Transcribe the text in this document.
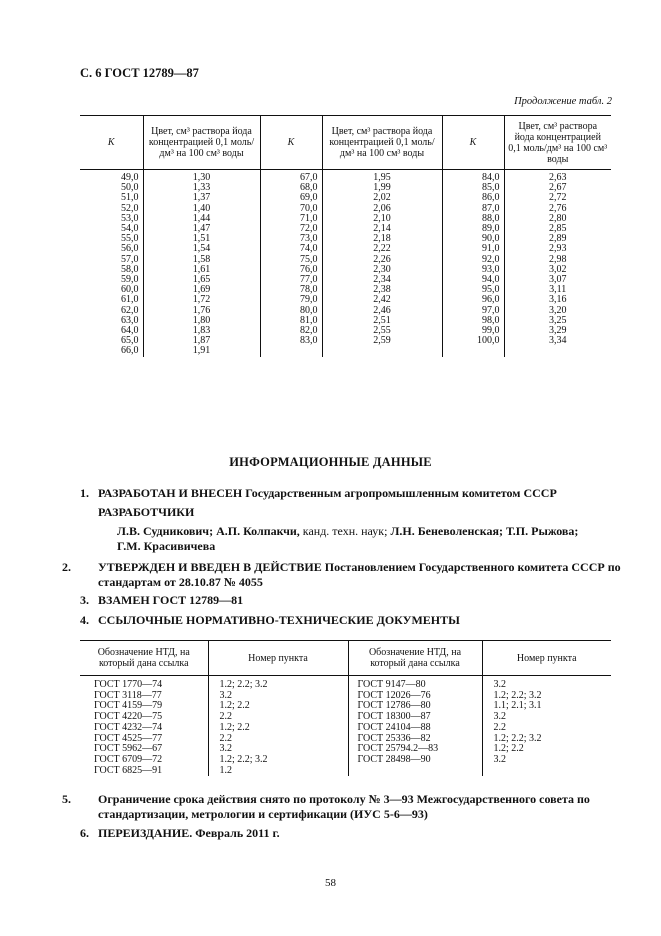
С. 6 ГОСТ 12789—87
Продолжение табл. 2
К	Цвет, см³ раствора йода концентрацией 0,1 моль/дм³ на 100 см³ воды	К	Цвет, см³ раствора йода концентрацией 0,1 моль/дм³ на 100 см³ воды	К	Цвет, см³ раствора йода концентрацией 0,1 моль/дм³ на 100 см³ воды
49,0	1,30	67,0	1,95	84,0	2,63
50,0	1,33	68,0	1,99	85,0	2,67
51,0	1,37	69,0	2,02	86,0	2,72
52,0	1,40	70,0	2,06	87,0	2,76
53,0	1,44	71,0	2,10	88,0	2,80
54,0	1,47	72,0	2,14	89,0	2,85
55,0	1,51	73,0	2,18	90,0	2,89
56,0	1,54	74,0	2,22	91,0	2,93
57,0	1,58	75,0	2,26	92,0	2,98
58,0	1,61	76,0	2,30	93,0	3,02
59,0	1,65	77,0	2,34	94,0	3,07
60,0	1,69	78,0	2,38	95,0	3,11
61,0	1,72	79,0	2,42	96,0	3,16
62,0	1,76	80,0	2,46	97,0	3,20
63,0	1,80	81,0	2,51	98,0	3,25
64,0	1,83	82,0	2,55	99,0	3,29
65,0	1,87	83,0	2,59	100,0	3,34
66,0	1,91				
ИНФОРМАЦИОННЫЕ ДАННЫЕ
1. РАЗРАБОТАН И ВНЕСЕН Государственным агропромышленным комитетом СССР
РАЗРАБОТЧИКИ
Л.В. Судникович; А.П. Колпакчи, канд. техн. наук; Л.Н. Беневоленская; Т.П. Рыжова;
Г.М. Красивичева
2. УТВЕРЖДЕН И ВВЕДЕН В ДЕЙСТВИЕ Постановлением Государственного комитета СССР по стандартам от 28.10.87 № 4055
3. ВЗАМЕН ГОСТ 12789—81
4. ССЫЛОЧНЫЕ НОРМАТИВНО-ТЕХНИЧЕСКИЕ ДОКУМЕНТЫ
Обозначение НТД, на который дана ссылка	Номер пункта	Обозначение НТД, на который дана ссылка	Номер пункта
ГОСТ 1770—74	1.2; 2.2; 3.2	ГОСТ 9147—80	3.2
ГОСТ 3118—77	3.2	ГОСТ 12026—76	1.2; 2.2; 3.2
ГОСТ 4159—79	1.2; 2.2	ГОСТ 12786—80	1.1; 2.1; 3.1
ГОСТ 4220—75	2.2	ГОСТ 18300—87	3.2
ГОСТ 4232—74	1.2; 2.2	ГОСТ 24104—88	2.2
ГОСТ 4525—77	2.2	ГОСТ 25336—82	1.2; 2.2; 3.2
ГОСТ 5962—67	3.2	ГОСТ 25794.2—83	1.2; 2.2
ГОСТ 6709—72	1.2; 2.2; 3.2	ГОСТ 28498—90	3.2
ГОСТ 6825—91	1.2		
5. Ограничение срока действия снято по протоколу № 3—93 Межгосударственного совета по стандартизации, метрологии и сертификации (ИУС 5-6—93)
6. ПЕРЕИЗДАНИЕ. Февраль 2011 г.
58
